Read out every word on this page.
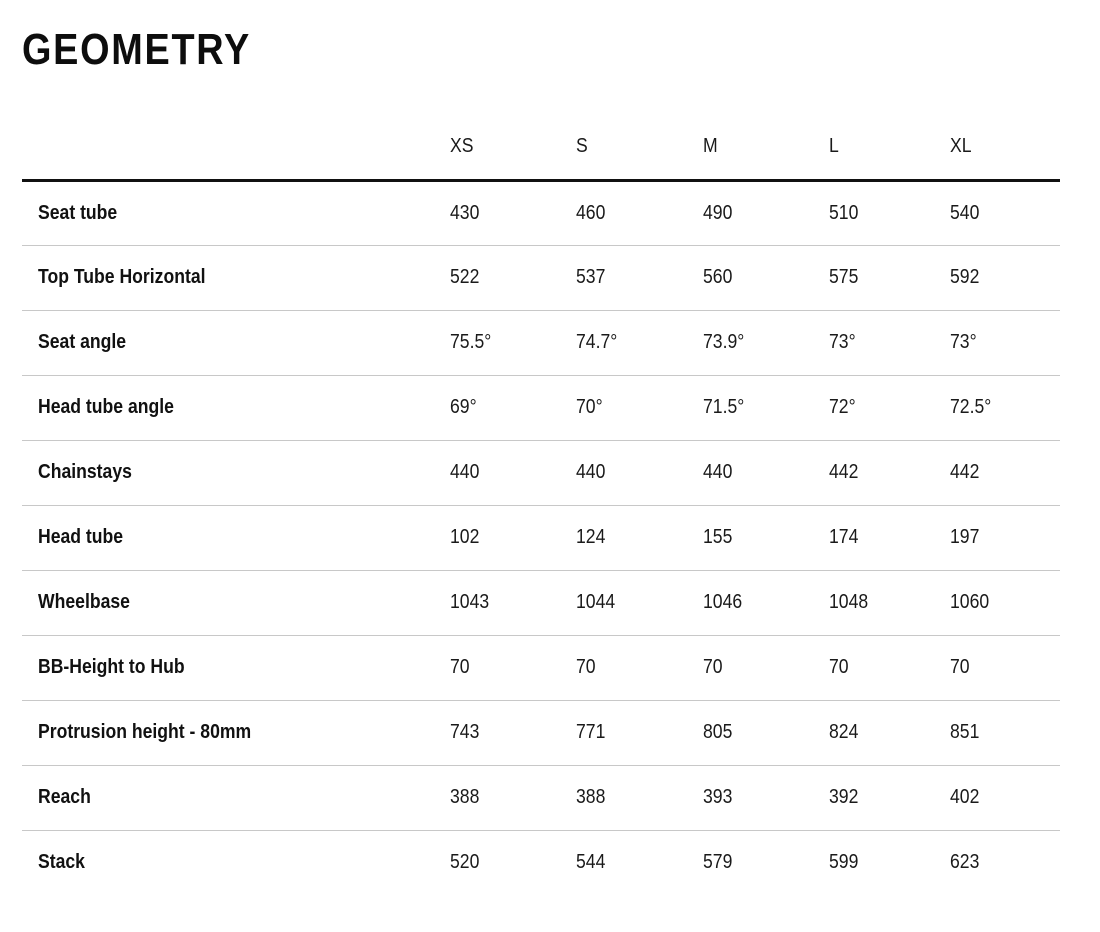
GEOMETRY
	XS	S	M	L	XL
Seat tube	430	460	490	510	540
Top Tube Horizontal	522	537	560	575	592
Seat angle	75.5°	74.7°	73.9°	73°	73°
Head tube angle	69°	70°	71.5°	72°	72.5°
Chainstays	440	440	440	442	442
Head tube	102	124	155	174	197
Wheelbase	1043	1044	1046	1048	1060
BB-Height to Hub	70	70	70	70	70
Protrusion height - 80mm	743	771	805	824	851
Reach	388	388	393	392	402
Stack	520	544	579	599	623
